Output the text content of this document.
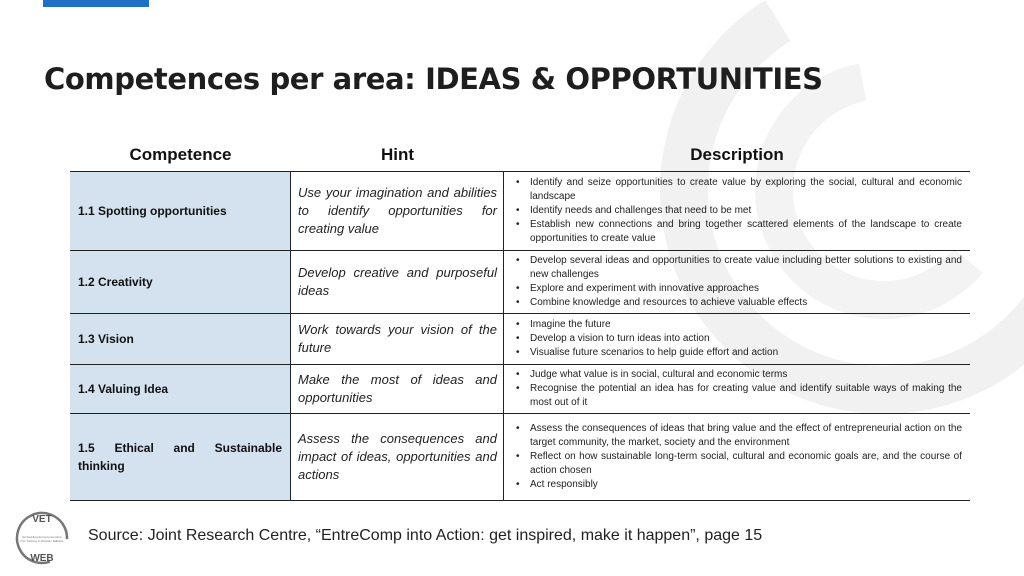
Competences per area: IDEAS & OPPORTUNITIES
Competence	Hint	Description
1.1 Spotting opportunities
Use your imagination and abilities to identify opportunities for creating value
• Identify and seize opportunities to create value by exploring the social, cultural and economic landscape
• Identify needs and challenges that need to be met
• Establish new connections and bring together scattered elements of the landscape to create opportunities to create value
1.2 Creativity
Develop creative and purposeful ideas
• Develop several ideas and opportunities to create value including better solutions to existing and new challenges
• Explore and experiment with innovative approaches
• Combine knowledge and resources to achieve valuable effects
1.3 Vision
Work towards your vision of the future
• Imagine the future
• Develop a vision to turn ideas into action
• Visualise future scenarios to help guide effort and action
1.4 Valuing Idea
Make the most of ideas and opportunities
• Judge what value is in social, cultural and economic terms
• Recognise the potential an idea has for creating value and identify suitable ways of making the most out of it
1.5 Ethical and Sustainable thinking
Assess the consequences and impact of ideas, opportunities and actions
• Assess the consequences of ideas that bring value and the effect of entrepreneurial action on the target community, the market, society and the environment
• Reflect on how sustainable long-term social, cultural and economic goals are, and the course of action chosen
• Act responsibly
VET
Embedding Entrepreneurship
Into Training in Western Balkans
WEB
Source: Joint Research Centre, “EntreComp into Action: get inspired, make it happen”, page 15
